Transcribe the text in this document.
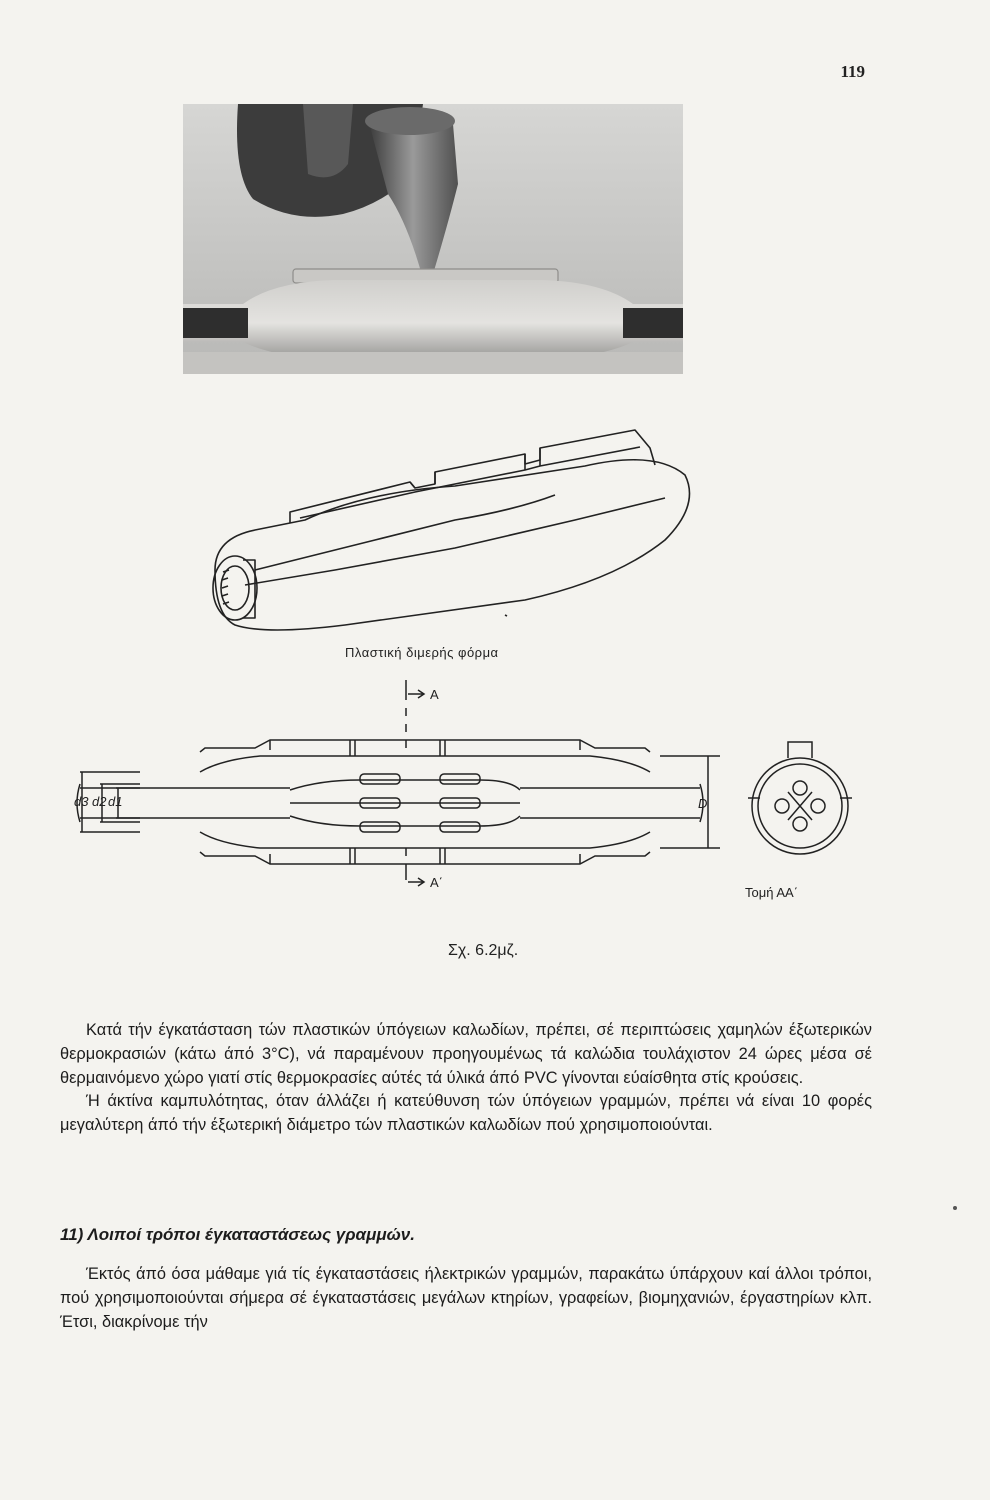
119
Πλαστική διμερής φόρμα
A
A΄
d3 d2 d1	D
Τομή ΑΑ΄
Σχ. 6.2μζ.

Κατά τήν έγκατάσταση τών πλαστικών ύπόγειων καλωδίων, πρέπει, σέ περιπτώσεις χαμηλών έξωτερικών θερμοκρασιών (κάτω άπό 3°C), νά παραμένουν προηγουμένως τά καλώδια τουλάχιστον 24 ώρες μέσα σέ θερμαινόμενο χώρο γιατί στίς θερμοκρασίες αύτές τά ύλικά άπό PVC γίνονται εύαίσθητα στίς κρούσεις.

Ή άκτίνα καμπυλότητας, όταν άλλάζει ή κατεύθυνση τών ύπόγειων γραμμών, πρέπει νά είναι 10 φορές μεγαλύτερη άπό τήν έξωτερική διάμετρο τών πλαστικών καλωδίων πού χρησιμοποιούνται.

11) Λοιποί τρόποι έγκαταστάσεως γραμμών.

Έκτός άπό όσα μάθαμε γιά τίς έγκαταστάσεις ήλεκτρικών γραμμών, παρακάτω ύπάρχουν καί άλλοι τρόποι, πού χρησιμοποιούνται σήμερα σέ έγκαταστάσεις μεγάλων κτηρίων, γραφείων, βιομηχανιών, έργαστηρίων κλπ. Έτσι, διακρίνομε τήν
